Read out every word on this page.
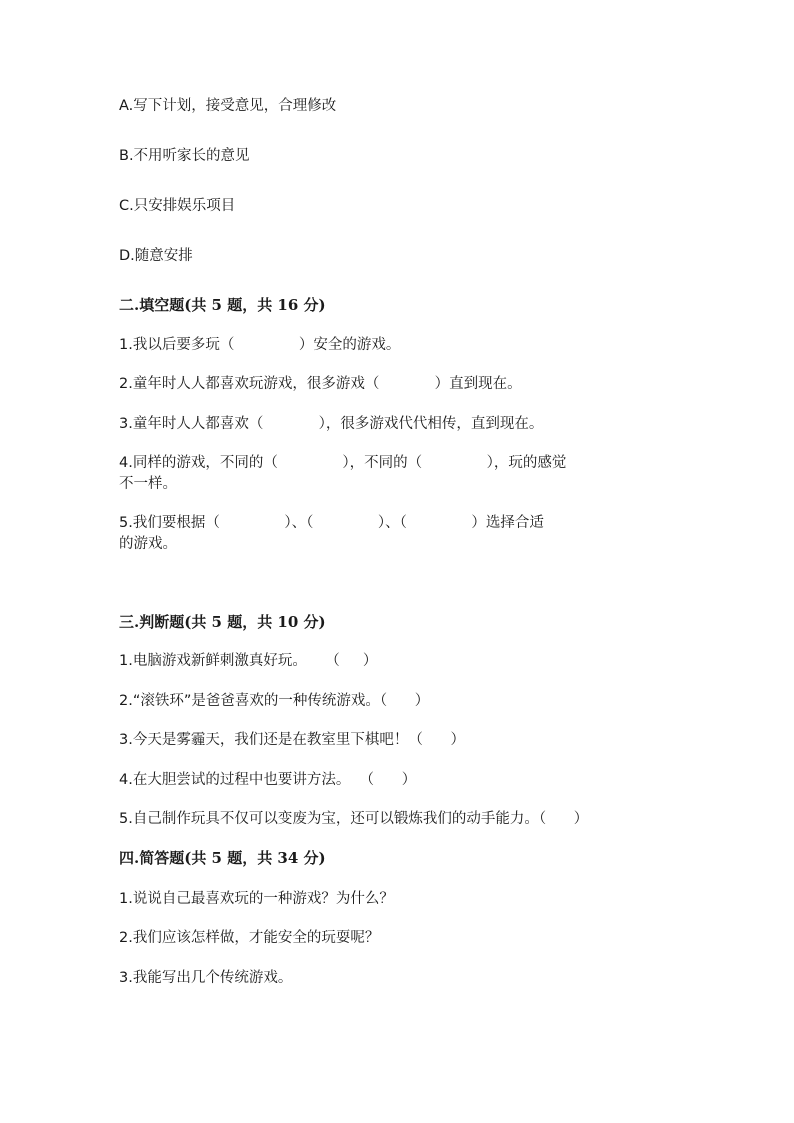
A.写下计划，接受意见，合理修改
B.不用听家长的意见
C.只安排娱乐项目
D.随意安排
二.填空题(共 5 题，共 16 分)
1.我以后要多玩（              ）安全的游戏。
2.童年时人人都喜欢玩游戏，很多游戏（            ）直到现在。
3.童年时人人都喜欢（            ），很多游戏代代相传，直到现在。
4.同样的游戏，不同的（              ），不同的（              ），玩的感觉
不一样。
5.我们要根据（              ）、（              ）、（              ）选择合适
的游戏。
三.判断题(共 5 题，共 10 分)
1.电脑游戏新鲜刺激真好玩。    （     ）
2.“滚铁环”是爸爸喜欢的一种传统游戏。（      ）
3.今天是雾霾天，我们还是在教室里下棋吧！（      ）
4.在大胆尝试的过程中也要讲方法。  （      ）
5.自己制作玩具不仅可以变废为宝，还可以锻炼我们的动手能力。（      ）
四.简答题(共 5 题，共 34 分)
1.说说自己最喜欢玩的一种游戏？为什么？
2.我们应该怎样做，才能安全的玩耍呢？
3.我能写出几个传统游戏。
